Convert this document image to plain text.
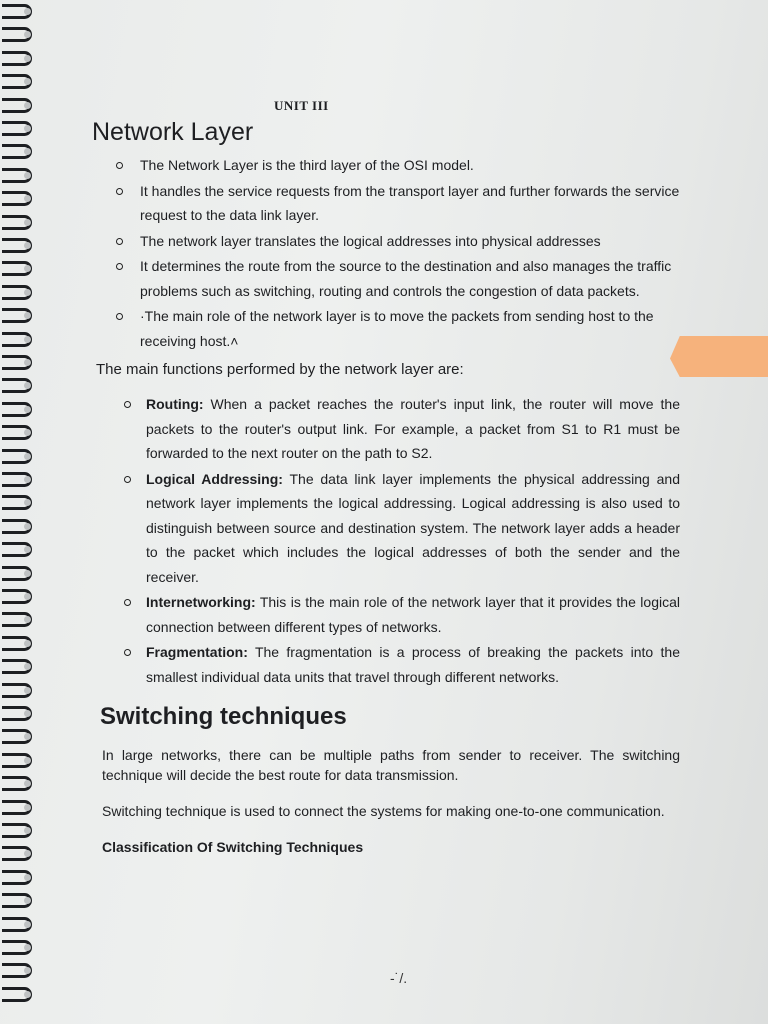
UNIT III
Network Layer
The Network Layer is the third layer of the OSI model.
It handles the service requests from the transport layer and further forwards the service request to the data link layer.
The network layer translates the logical addresses into physical addresses
It determines the route from the source to the destination and also manages the traffic problems such as switching, routing and controls the congestion of data packets.
·The main role of the network layer is to move the packets from sending host to the receiving host.˄
The main functions performed by the network layer are:
Routing: When a packet reaches the router's input link, the router will move the packets to the router's output link. For example, a packet from S1 to R1 must be forwarded to the next router on the path to S2.
Logical Addressing: The data link layer implements the physical addressing and network layer implements the logical addressing. Logical addressing is also used to distinguish between source and destination system. The network layer adds a header to the packet which includes the logical addresses of both the sender and the receiver.
Internetworking: This is the main role of the network layer that it provides the logical connection between different types of networks.
Fragmentation: The fragmentation is a process of breaking the packets into the smallest individual data units that travel through different networks.
Switching techniques

In large networks, there can be multiple paths from sender to receiver. The switching technique will decide the best route for data transmission.

Switching technique is used to connect the systems for making one-to-one communication.

Classification Of Switching Techniques
-˙/.
